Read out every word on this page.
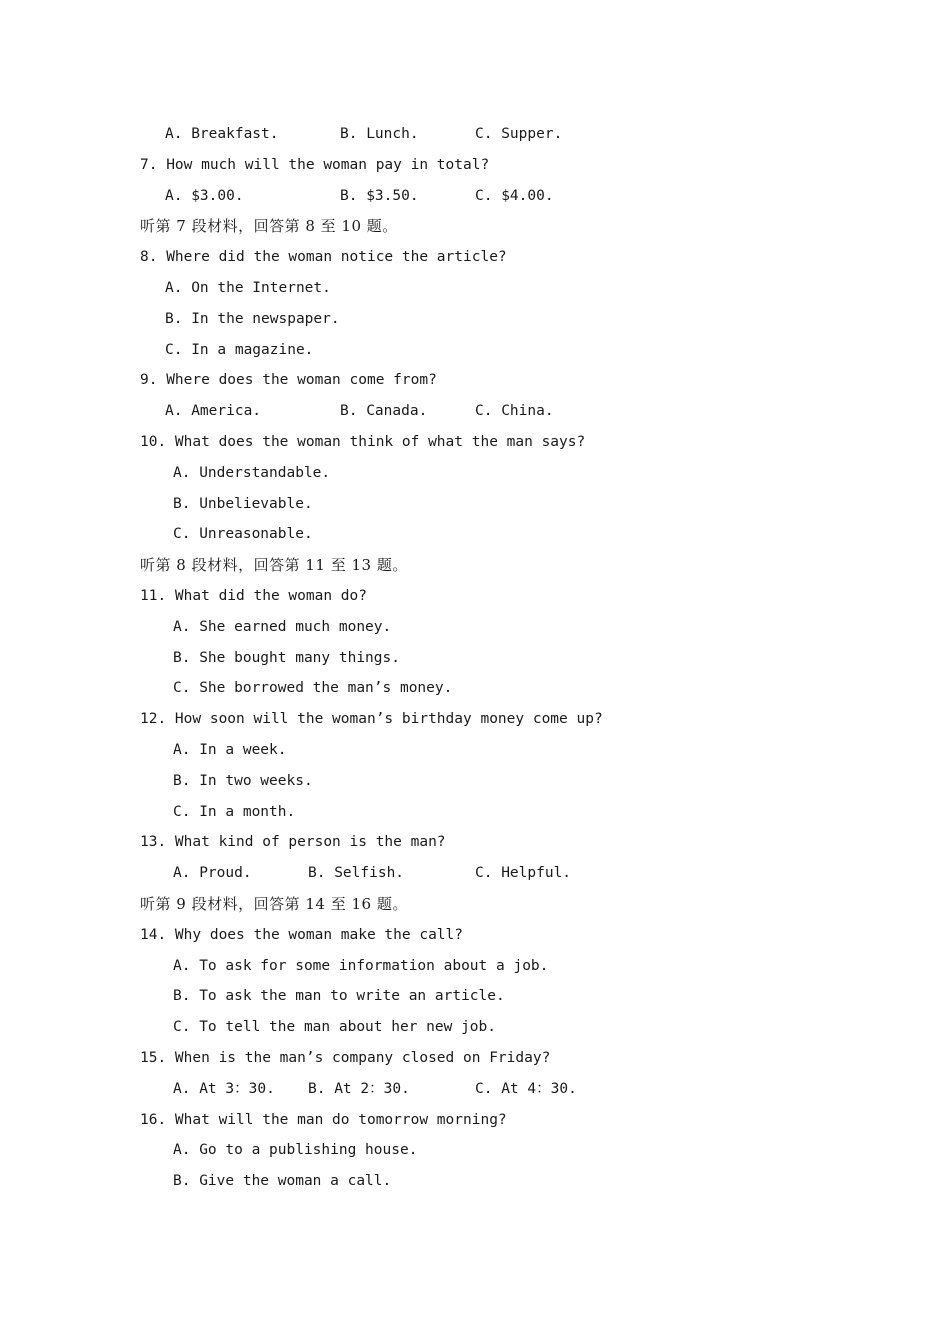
A. Breakfast.	B. Lunch.	C. Supper.
7. How much will the woman pay in total?
A. $3.00.	B. $3.50.	C. $4.00.
听第 7 段材料，回答第 8 至 10 题。
8. Where did the woman notice the article?
A. On the Internet.
B. In the newspaper.
C. In a magazine.
9. Where does the woman come from?
A. America.	B. Canada.	C. China.
10. What does the woman think of what the man says?
A. Understandable.
B. Unbelievable.
C. Unreasonable.
听第 8 段材料，回答第 11 至 13 题。
11. What did the woman do?
A. She earned much money.
B. She bought many things.
C. She borrowed the man’s money.
12. How soon will the woman’s birthday money come up?
A. In a week.
B. In two weeks.
C. In a month.
13. What kind of person is the man?
A. Proud.	B. Selfish.	C. Helpful.
听第 9 段材料，回答第 14 至 16 题。
14. Why does the woman make the call?
A. To ask for some information about a job.
B. To ask the man to write an article.
C. To tell the man about her new job.
15. When is the man’s company closed on Friday?
A. At 3：30. B. At 2：30.	C. At 4：30.
16. What will the man do tomorrow morning?
A. Go to a publishing house.
B. Give the woman a call.
